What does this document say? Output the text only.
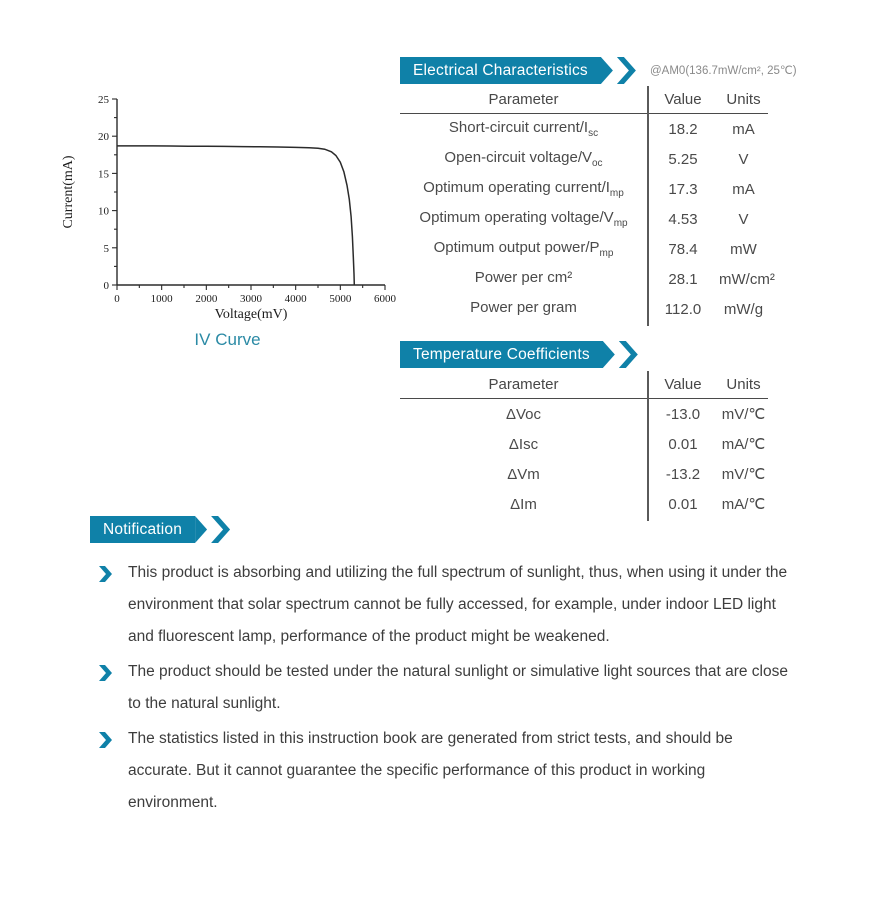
0	1000 2000 3000 4000 5000 6000
0
5
10
15
20
25
Voltage(mV)
Current(mA)
IV Curve
Electrical Characteristics	@AM0(136.7mW/cm², 25℃)
Parameter	Value	Units
Short-circuit current/$I_{sc}$	18.2	mA
Open-circuit voltage/$V_{oc}$	5.25	V
Optimum operating current/$I_{mp}$	17.3	mA
Optimum operating voltage/$V_{mp}$	4.53	V
Optimum output power/$P_{mp}$	78.4	mW
Power per cm²	28.1	mW/cm²
Power per gram	112.0	mW/g
Temperature Coefficients
Parameter	Value	Units
ΔVoc	-13.0	mV/℃
ΔIsc	0.01	mA/℃
ΔVm	-13.2	mV/℃
ΔIm	0.01	mA/℃
Notification

This product is absorbing and utilizing the full spectrum of sunlight, thus, when using it under the environment that solar spectrum cannot be fully accessed, for example, under indoor LED light and fluorescent lamp, performance of the product might be weakened.

The product should be tested under the natural sunlight or simulative light sources that are close to the natural sunlight.

The statistics listed in this instruction book are generated from strict tests, and should be accurate. But it cannot guarantee the specific performance of this product in working environment.
